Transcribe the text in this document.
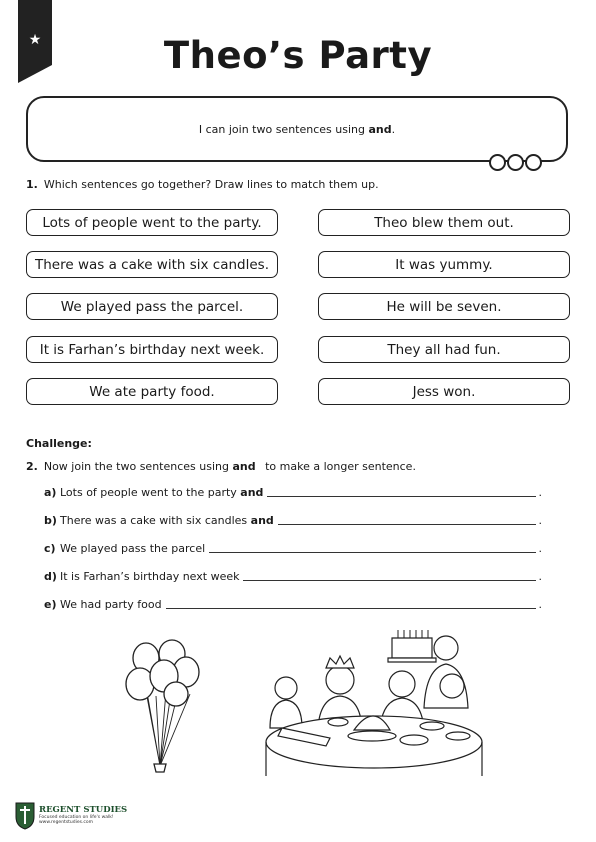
★	Theo’s Party
I can join two sentences using and.
1. Which sentences go together? Draw lines to match them up.
Lots of people went to the party.
There was a cake with six candles.
We played pass the parcel.
It is Farhan’s birthday next week.
We ate party food.
Theo blew them out.
It was yummy.
He will be seven.
They all had fun.
Jess won.
Challenge:
2. Now join the two sentences using and to make a longer sentence.
a) Lots of people went to the party
and	.
b) There was a cake with six candles
and	.
c) We played pass the parcel	.
d) It is Farhan’s birthday next week	.
e) We had party food	.
REGENT STUDIES
Focused education on life's walk!
www.regentstudies.com
